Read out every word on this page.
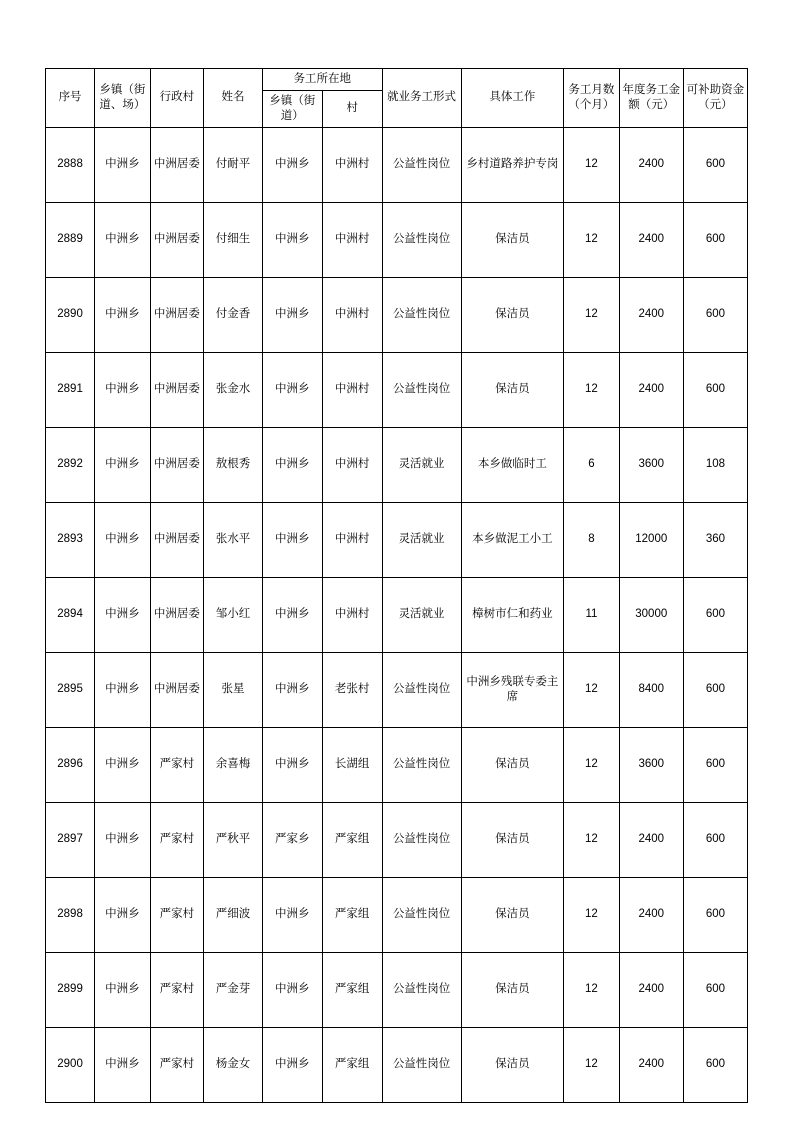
序号	乡镇（街道、场）	行政村	姓名	务工所在地		就业务工形式	具体工作	务工月数（个月）	年度务工金额（元）	可补助资金（元）
				乡镇（街道）	村					
2888	中洲乡	中洲居委	付耐平	中洲乡	中洲村	公益性岗位	乡村道路养护专岗	12	2400	600
2889	中洲乡	中洲居委	付细生	中洲乡	中洲村	公益性岗位	保洁员	12	2400	600
2890	中洲乡	中洲居委	付金香	中洲乡	中洲村	公益性岗位	保洁员	12	2400	600
2891	中洲乡	中洲居委	张金水	中洲乡	中洲村	公益性岗位	保洁员	12	2400	600
2892	中洲乡	中洲居委	敖根秀	中洲乡	中洲村	灵活就业	本乡做临时工	6	3600	108
2893	中洲乡	中洲居委	张水平	中洲乡	中洲村	灵活就业	本乡做泥工小工	8	12000	360
2894	中洲乡	中洲居委	邹小红	中洲乡	中洲村	灵活就业	樟树市仁和药业	11	30000	600
2895	中洲乡	中洲居委	张星	中洲乡	老张村	公益性岗位	中洲乡残联专委主席	12	8400	600
2896	中洲乡	严家村	余喜梅	中洲乡	长湖组	公益性岗位	保洁员	12	3600	600
2897	中洲乡	严家村	严秋平	严家乡	严家组	公益性岗位	保洁员	12	2400	600
2898	中洲乡	严家村	严细波	中洲乡	严家组	公益性岗位	保洁员	12	2400	600
2899	中洲乡	严家村	严金芽	中洲乡	严家组	公益性岗位	保洁员	12	2400	600
2900	中洲乡	严家村	杨金女	中洲乡	严家组	公益性岗位	保洁员	12	2400	600
